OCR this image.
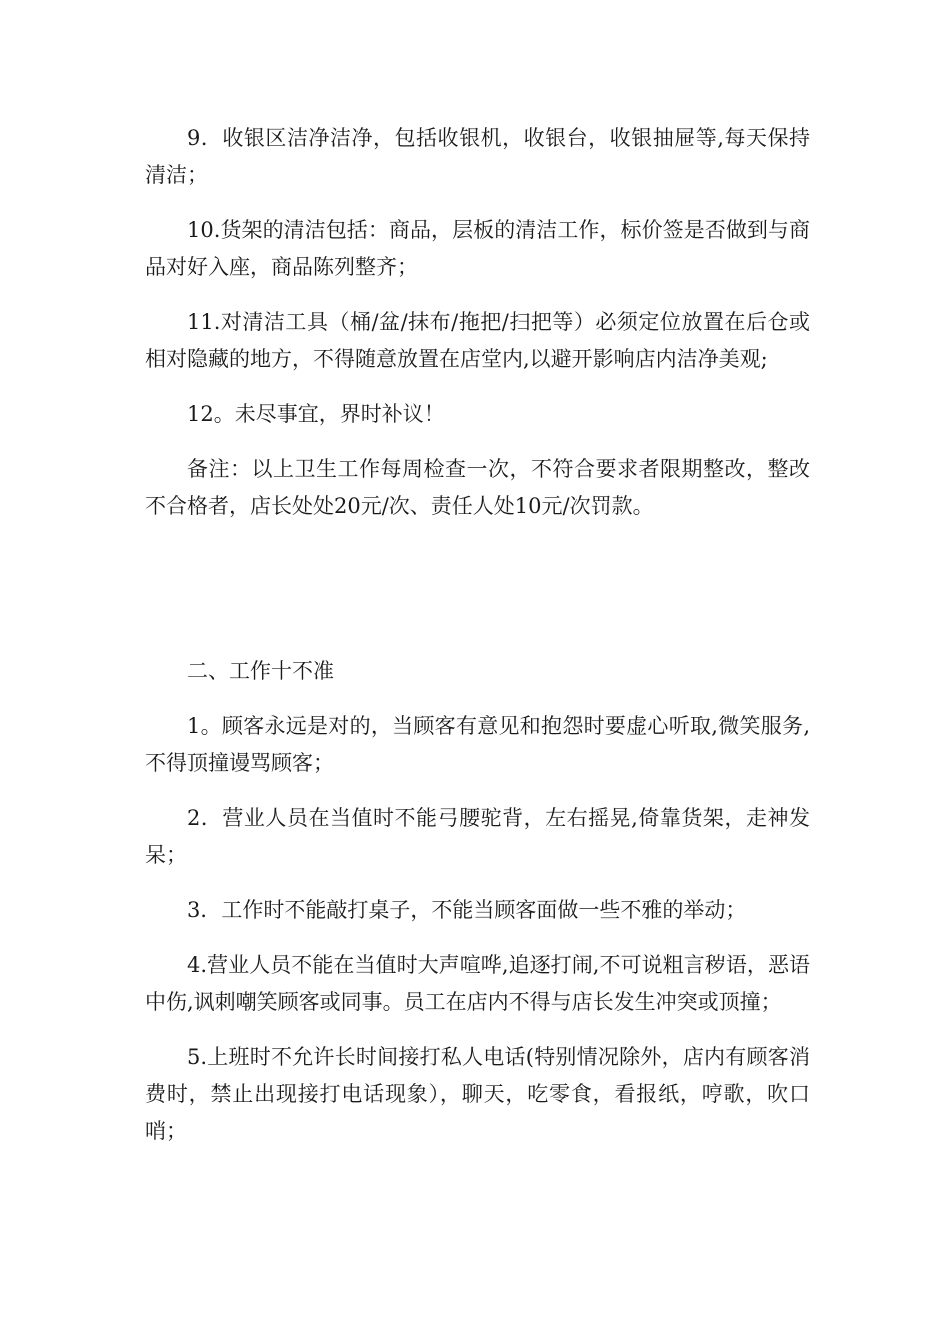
9．收银区洁净洁净，包括收银机，收银台，收银抽屉等,每天保持清洁；

10.货架的清洁包括：商品，层板的清洁工作，标价签是否做到与商品对好入座，商品陈列整齐；

11.对清洁工具（桶/盆/抹布/拖把/扫把等）必须定位放置在后仓或相对隐藏的地方，不得随意放置在店堂内,以避开影响店内洁净美观;

12。未尽事宜，界时补议！

备注：以上卫生工作每周检查一次，不符合要求者限期整改，整改不合格者，店长处处20元/次、责任人处10元/次罚款。

二、工作十不准

1。顾客永远是对的，当顾客有意见和抱怨时要虚心听取,微笑服务,不得顶撞谩骂顾客；

2．营业人员在当值时不能弓腰驼背，左右摇晃,倚靠货架，走神发呆；

3．工作时不能敲打桌子，不能当顾客面做一些不雅的举动；

4.营业人员不能在当值时大声喧哗,追逐打闹,不可说粗言秽语，恶语中伤,讽刺嘲笑顾客或同事。员工在店内不得与店长发生冲突或顶撞；

5.上班时不允许长时间接打私人电话(特别情况除外，店内有顾客消费时，禁止出现接打电话现象），聊天，吃零食，看报纸，哼歌，吹口哨；
